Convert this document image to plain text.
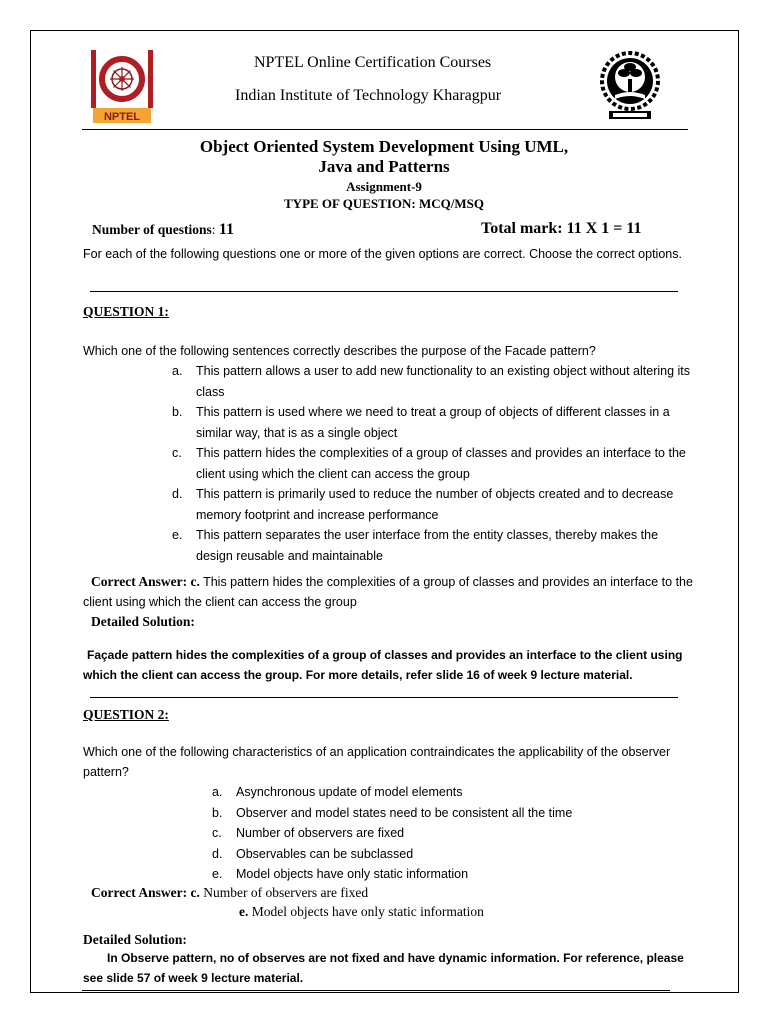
NPTEL
NPTEL Online Certification Courses
Indian Institute of Technology Kharagpur
Object Oriented System Development Using UML,
Java and Patterns
Assignment-9
TYPE OF QUESTION: MCQ/MSQ
Number of questions: 11	Total mark: 11 X 1 = 11
For each of the following questions one or more of the given options are correct. Choose the correct options.
QUESTION 1:
Which one of the following sentences correctly describes the purpose of the Facade pattern?
a.	This pattern allows a user to add new functionality to an existing object without altering its class
b.	This pattern is used where we need to treat a group of objects of different classes in a similar way, that is as a single object
c.	This pattern hides the complexities of a group of classes and provides an interface to the client using which the client can access the group
d.	This pattern is primarily used to reduce the number of objects created and to decrease memory footprint and increase performance
e.	This pattern separates the user interface from the entity classes, thereby makes the design reusable and maintainable
Correct Answer: c. This pattern hides the complexities of a group of classes and provides an interface to the client using which the client can access the group
Detailed Solution:
Façade pattern hides the complexities of a group of classes and provides an interface to the client using which the client can access the group. For more details, refer slide 16 of week 9 lecture material.
QUESTION 2:
Which one of the following characteristics of an application contraindicates the applicability of the observer pattern?
a.	Asynchronous update of model elements
b.	Observer and model states need to be consistent all the time
c.	Number of observers are fixed
d.	Observables can be subclassed
e.	Model objects have only static information
Correct Answer: c. Number of observers are fixed
e. Model objects have only static information
Detailed Solution:
In Observe pattern, no of observes are not fixed and have dynamic information. For reference, please see slide 57 of week 9 lecture material.
